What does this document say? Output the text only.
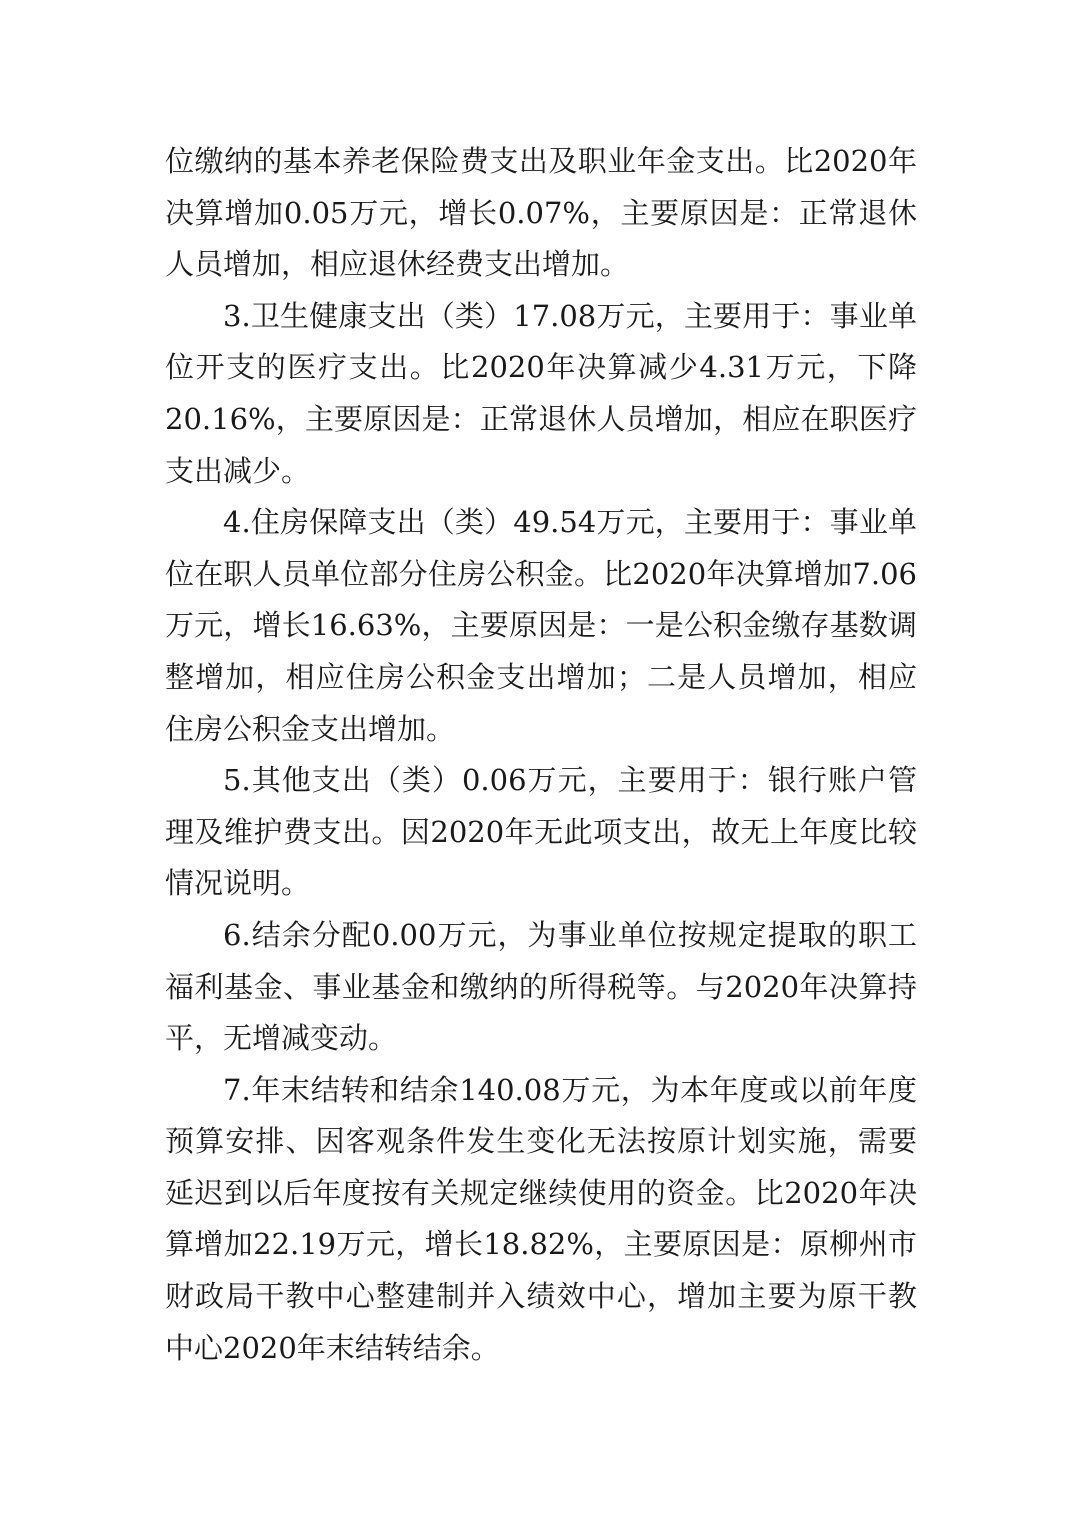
位缴纳的基本养老保险费支出及职业年金支出。比2020年决算增加0.05万元，增长0.07%，主要原因是：正常退休人员增加，相应退休经费支出增加。

3.卫生健康支出（类）17.08万元，主要用于：事业单位开支的医疗支出。比2020年决算减少4.31万元，下降20.16%，主要原因是：正常退休人员增加，相应在职医疗支出减少。

4.住房保障支出（类）49.54万元，主要用于：事业单位在职人员单位部分住房公积金。比2020年决算增加7.06万元，增长16.63%，主要原因是：一是公积金缴存基数调整增加，相应住房公积金支出增加；二是人员增加，相应住房公积金支出增加。

5.其他支出（类）0.06万元，主要用于：银行账户管理及维护费支出。因2020年无此项支出，故无上年度比较情况说明。

6.结余分配0.00万元，为事业单位按规定提取的职工福利基金、事业基金和缴纳的所得税等。与2020年决算持平，无增减变动。

7.年末结转和结余140.08万元，为本年度或以前年度预算安排、因客观条件发生变化无法按原计划实施，需要延迟到以后年度按有关规定继续使用的资金。比2020年决算增加22.19万元，增长18.82%，主要原因是：原柳州市财政局干教中心整建制并入绩效中心，增加主要为原干教中心2020年末结转结余。
